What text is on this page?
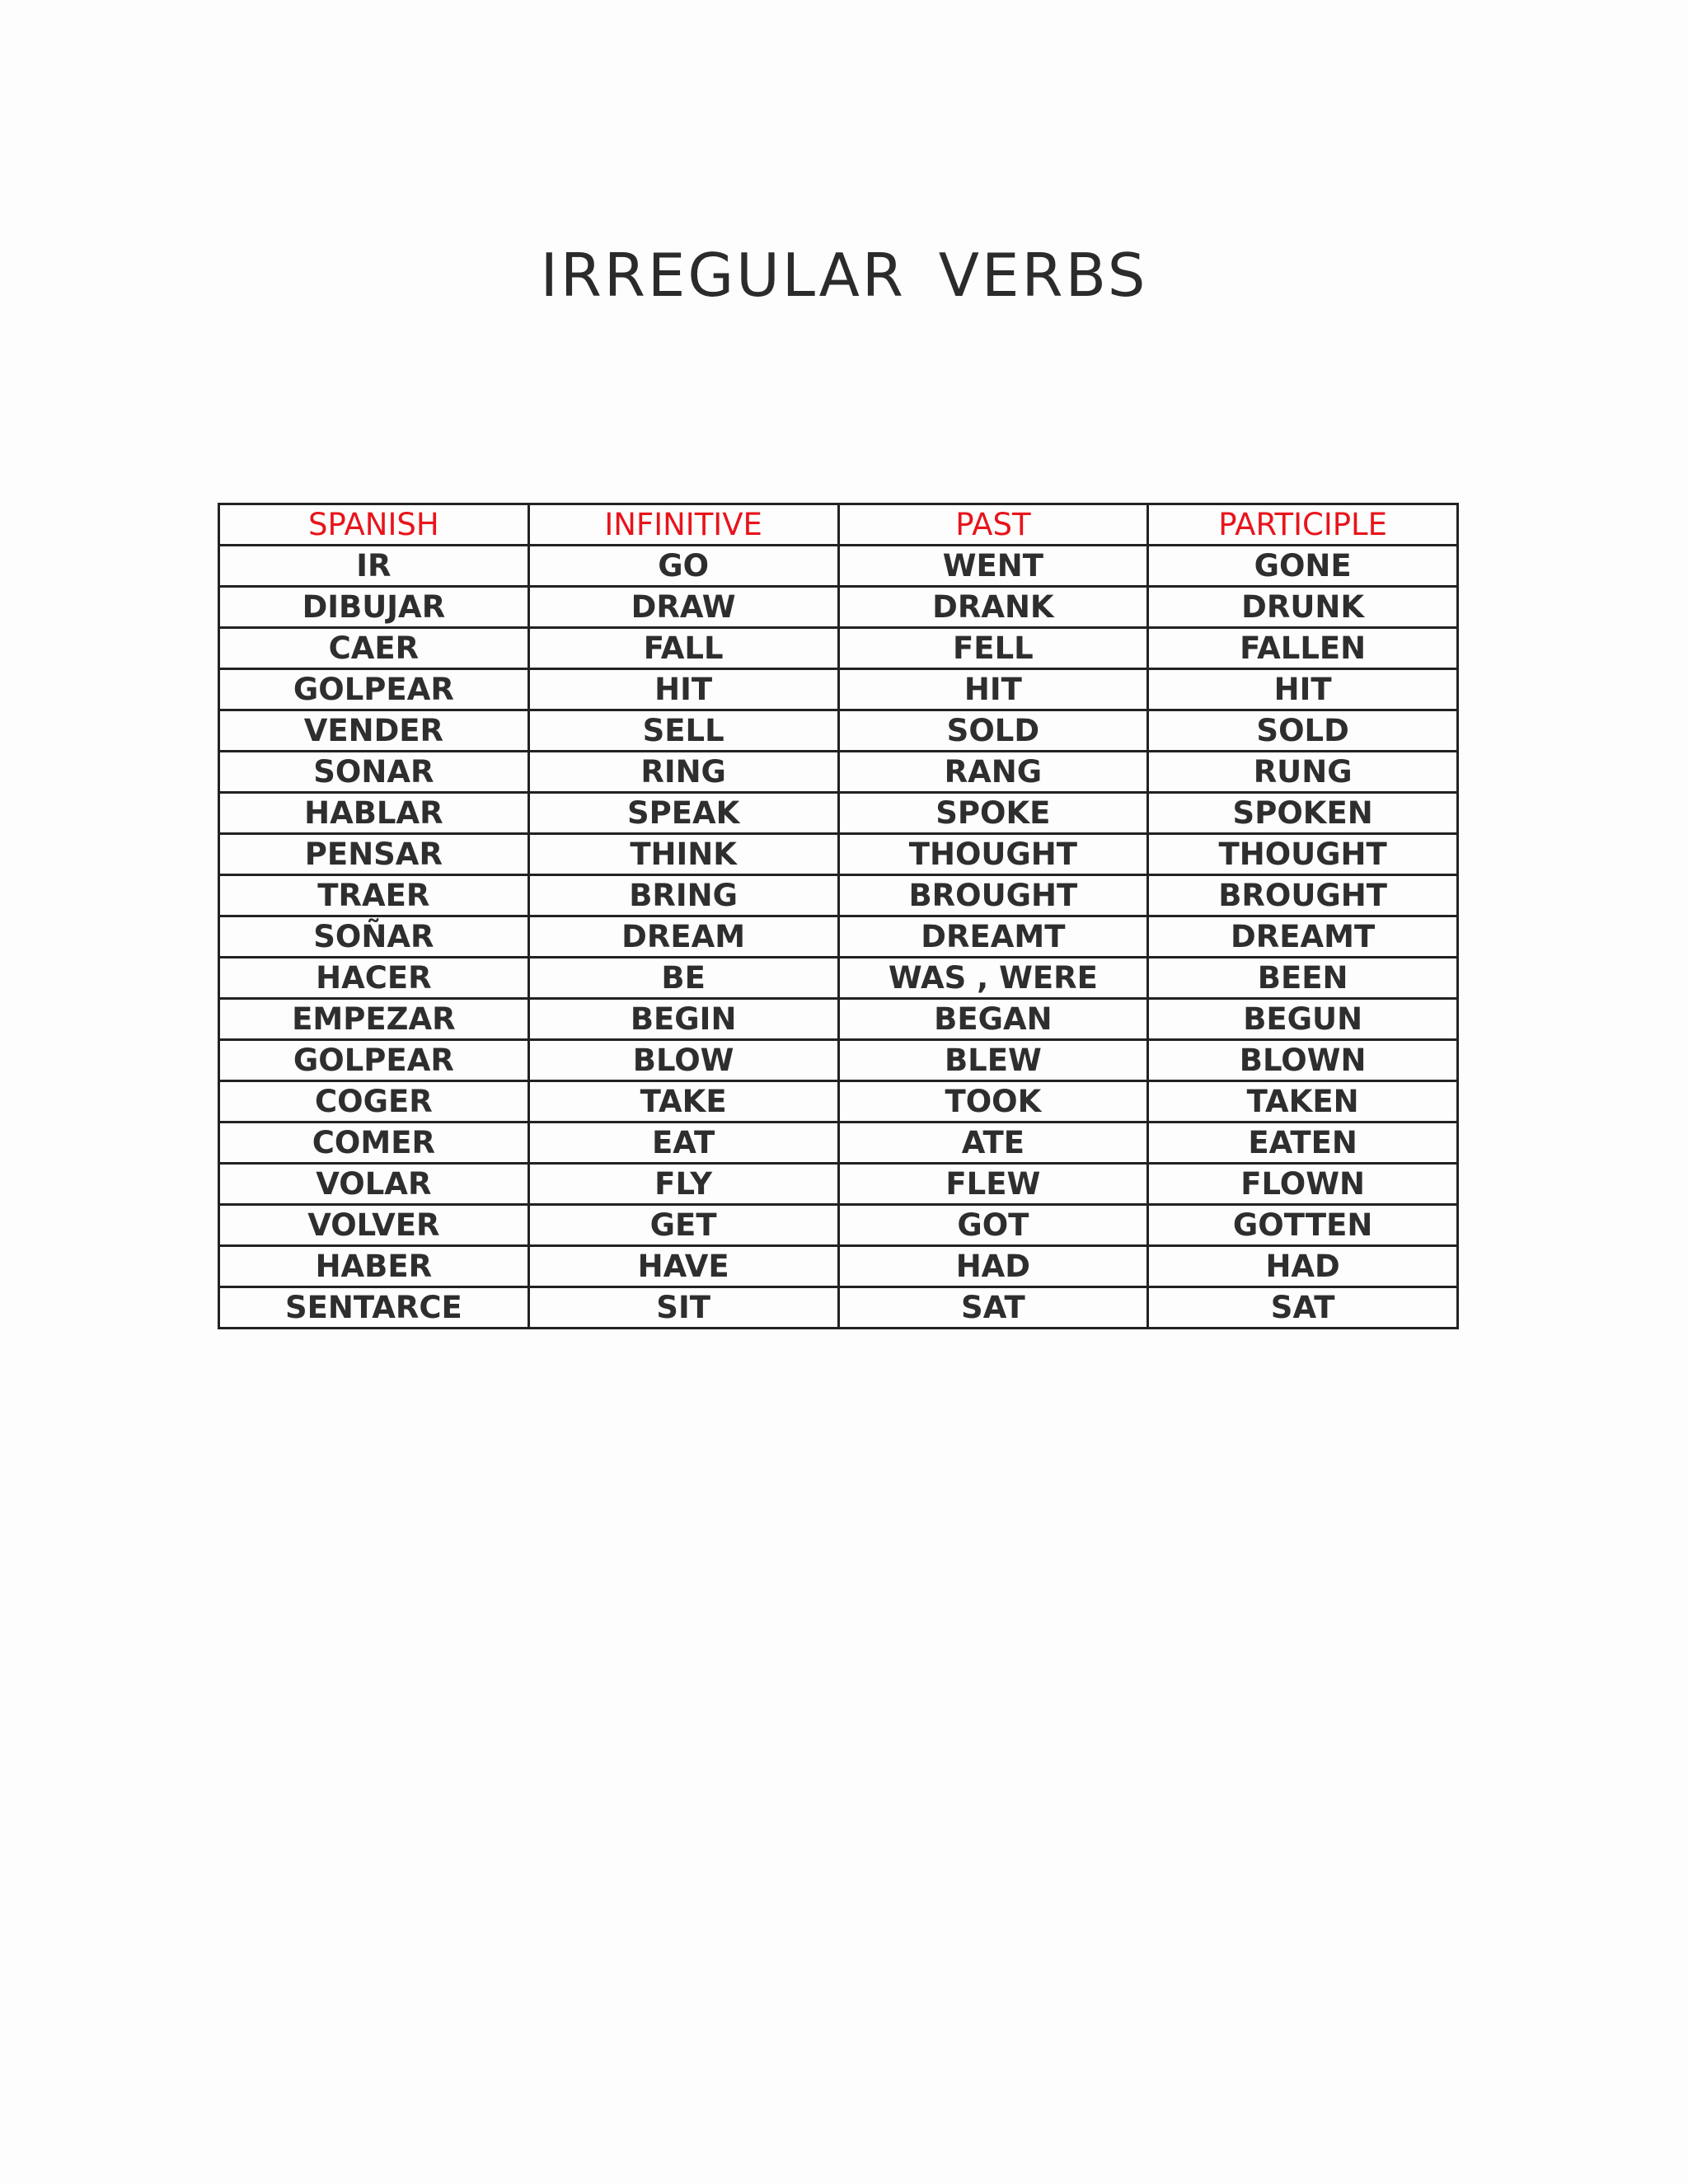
IRREGULAR VERBS
SPANISH	INFINITIVE	PAST	PARTICIPLE
IR	GO	WENT	GONE
DIBUJAR	DRAW	DRANK	DRUNK
CAER	FALL	FELL	FALLEN
GOLPEAR	HIT	HIT	HIT
VENDER	SELL	SOLD	SOLD
SONAR	RING	RANG	RUNG
HABLAR	SPEAK	SPOKE	SPOKEN
PENSAR	THINK	THOUGHT	THOUGHT
TRAER	BRING	BROUGHT	BROUGHT
SOÑAR	DREAM	DREAMT	DREAMT
HACER	BE	WAS , WERE	BEEN
EMPEZAR	BEGIN	BEGAN	BEGUN
GOLPEAR	BLOW	BLEW	BLOWN
COGER	TAKE	TOOK	TAKEN
COMER	EAT	ATE	EATEN
VOLAR	FLY	FLEW	FLOWN
VOLVER	GET	GOT	GOTTEN
HABER	HAVE	HAD	HAD
SENTARCE	SIT	SAT	SAT
